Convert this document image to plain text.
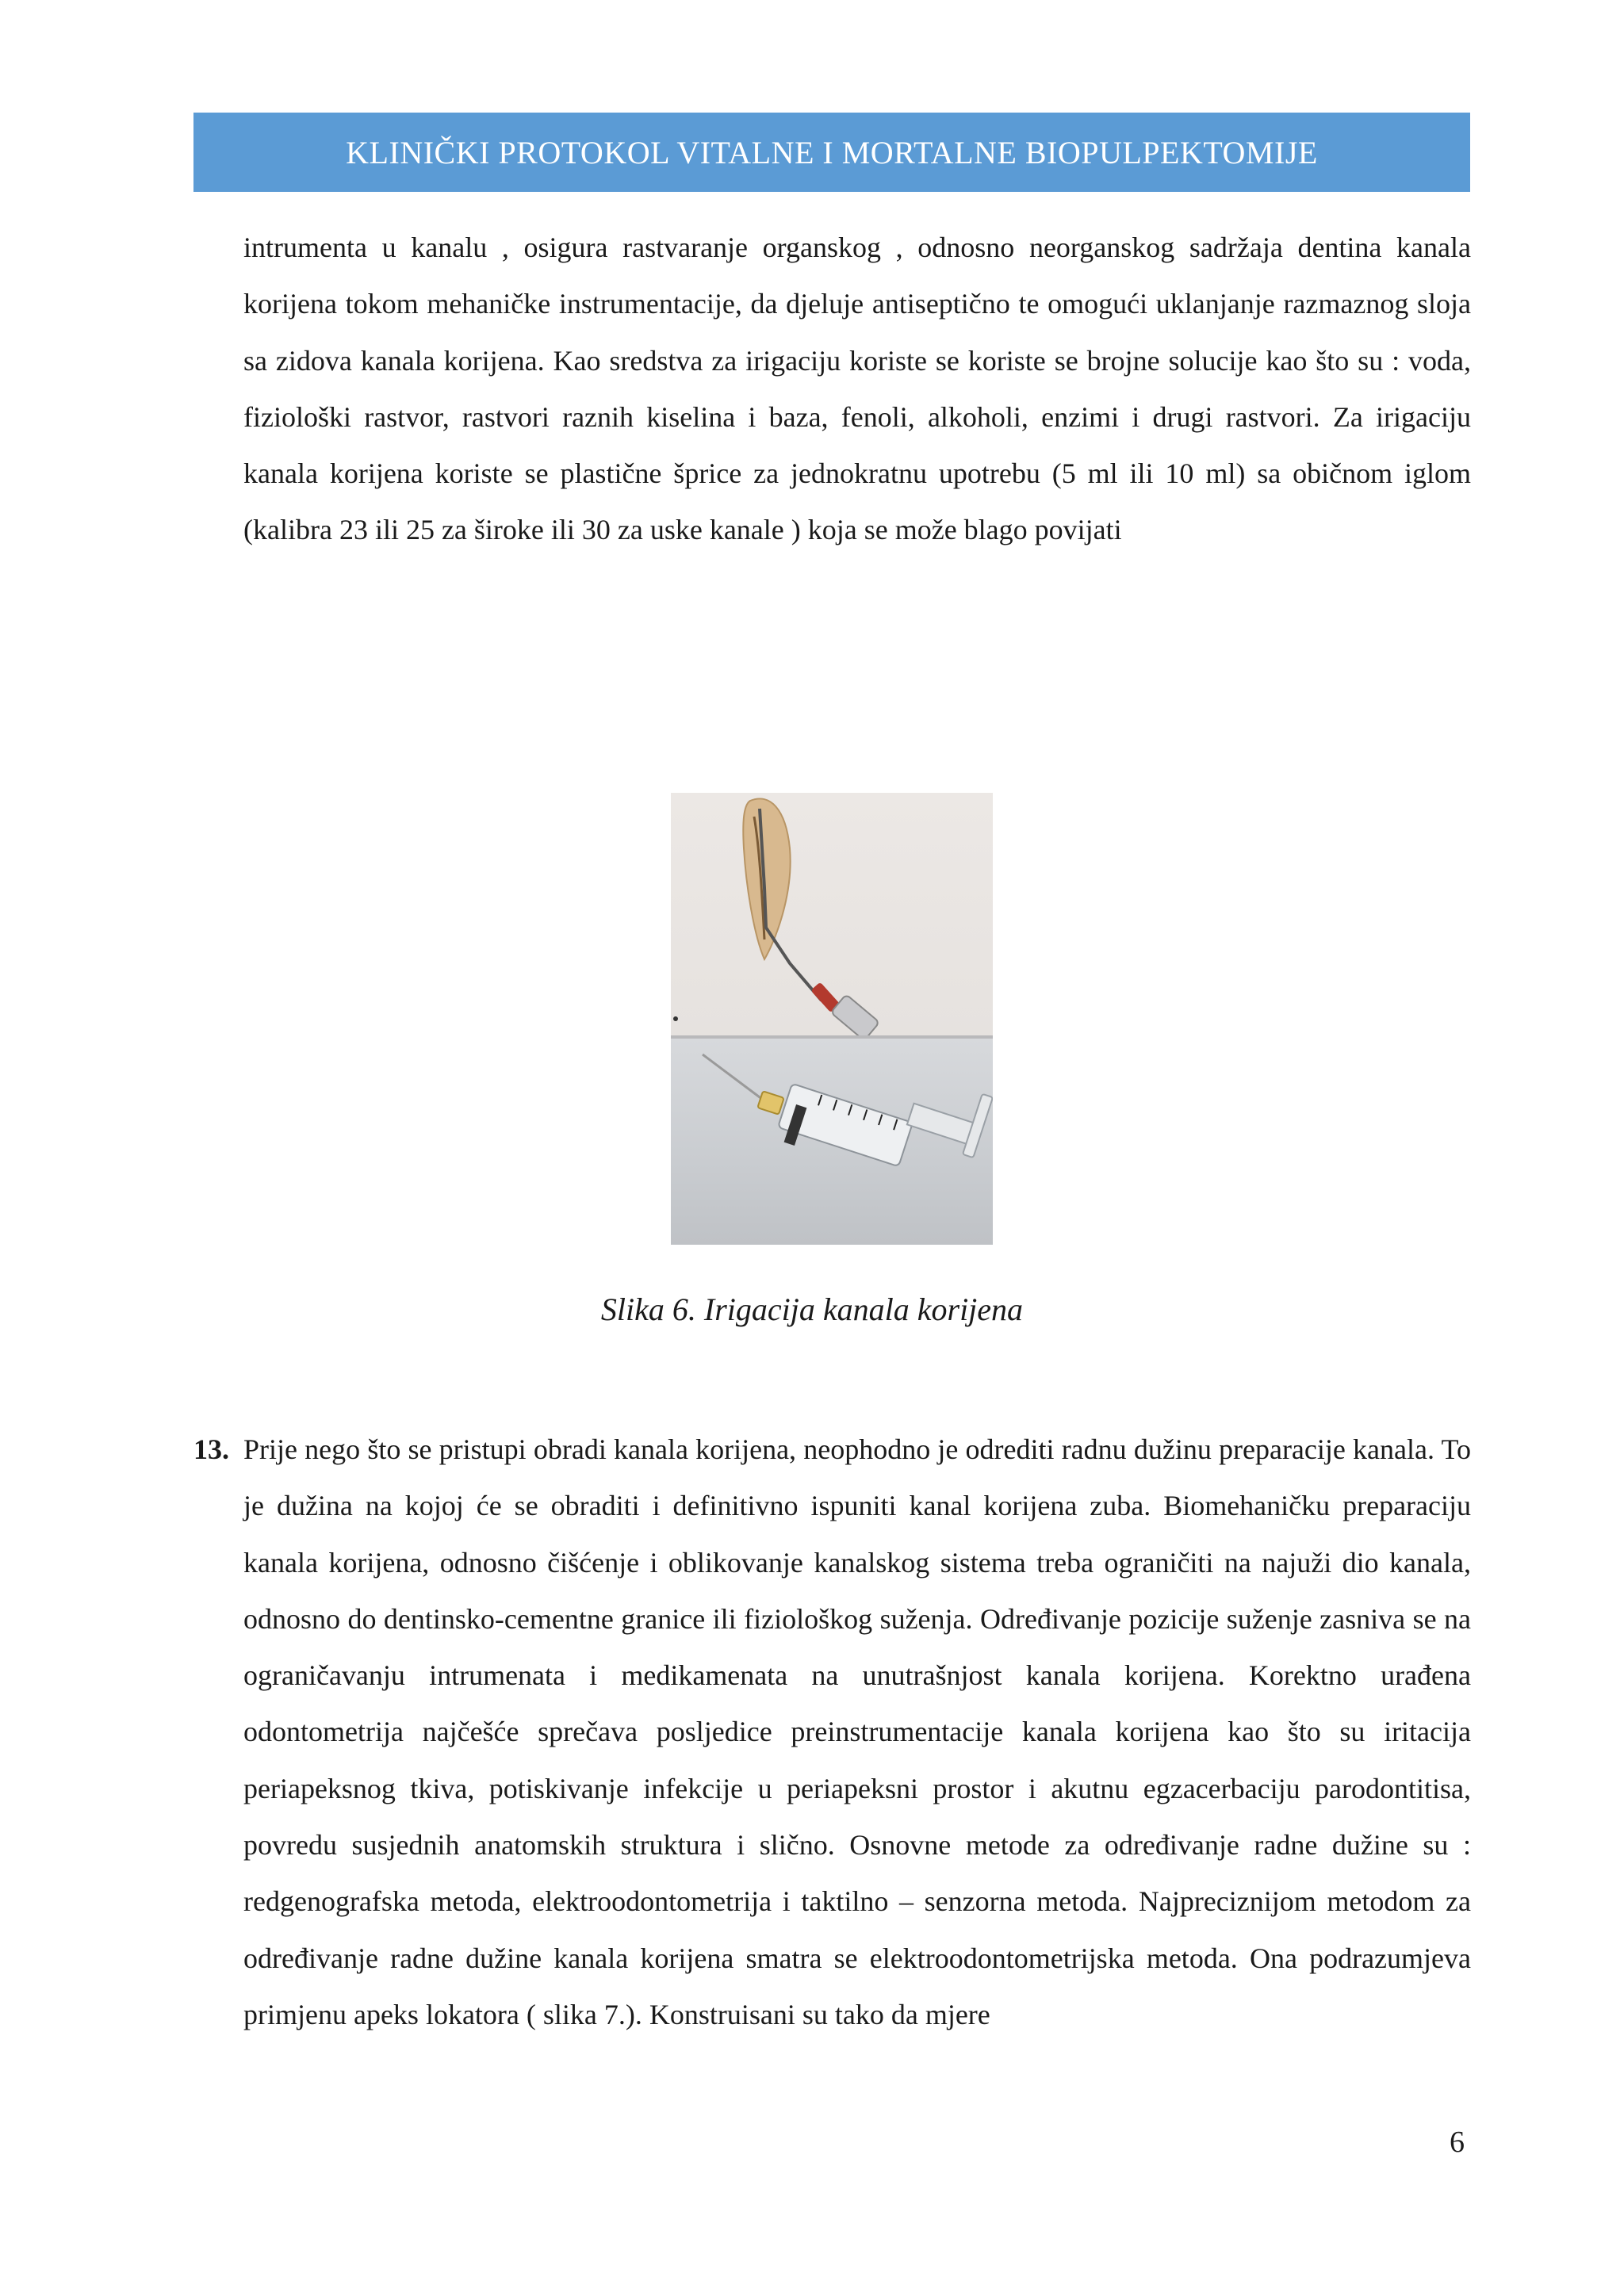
KLINIČKI PROTOKOL VITALNE I MORTALNE BIOPULPEKTOMIJE

intrumenta u kanalu , osigura rastvaranje organskog , odnosno neorganskog sadržaja dentina kanala korijena tokom mehaničke instrumentacije, da djeluje antiseptično te omogući uklanjanje razmaznog sloja sa zidova kanala korijena. Kao sredstva za irigaciju koriste se koriste se brojne solucije kao što su : voda, fiziološki rastvor, rastvori raznih kiselina i baza, fenoli, alkoholi, enzimi i drugi rastvori. Za irigaciju kanala korijena koriste se plastične šprice za jednokratnu upotrebu (5 ml ili 10 ml) sa običnom iglom (kalibra 23 ili 25 za široke ili 30 za uske kanale ) koja se može blago povijati

Slika 6. Irigacija kanala korijena
13. Prije nego što se pristupi obradi kanala korijena, neophodno je odrediti radnu dužinu preparacije kanala. To je dužina na kojoj će se obraditi i definitivno ispuniti kanal korijena zuba. Biomehaničku preparaciju kanala korijena, odnosno čišćenje i oblikovanje kanalskog sistema treba ograničiti na najuži dio kanala, odnosno do dentinsko-cementne granice ili fiziološkog suženja. Određivanje pozicije suženje zasniva se na ograničavanju intrumenata i medikamenata na unutrašnjost kanala korijena. Korektno urađena odontometrija najčešće sprečava posljedice preinstrumentacije kanala korijena kao što su iritacija periapeksnog tkiva, potiskivanje infekcije u periapeksni prostor i akutnu egzacerbaciju parodontitisa, povredu susjednih anatomskih struktura i slično. Osnovne metode za određivanje radne dužine su : redgenografska metoda, elektroodontometrija i taktilno – senzorna metoda. Najpreciznijom metodom za određivanje radne dužine kanala korijena smatra se elektroodontometrijska metoda. Ona podrazumjeva primjenu apeks lokatora ( slika 7.). Konstruisani su tako da mjere

6
